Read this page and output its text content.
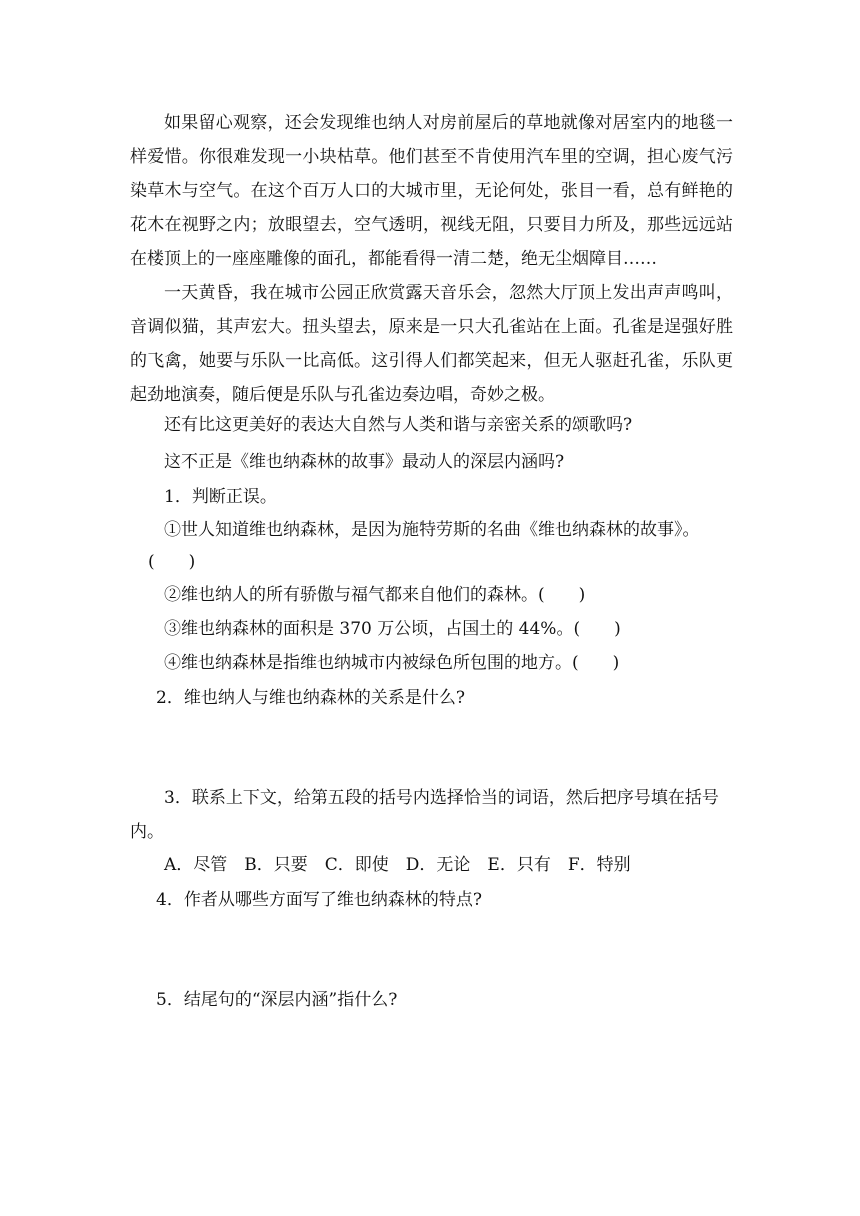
如果留心观察，还会发现维也纳人对房前屋后的草地就像对居室内的地毯一样爱惜。你很难发现一小块枯草。他们甚至不肯使用汽车里的空调，担心废气污染草木与空气。在这个百万人口的大城市里，无论何处，张目一看，总有鲜艳的花木在视野之内；放眼望去，空气透明，视线无阻，只要目力所及，那些远远站在楼顶上的一座座雕像的面孔，都能看得一清二楚，绝无尘烟障目……

一天黄昏，我在城市公园正欣赏露天音乐会，忽然大厅顶上发出声声鸣叫，音调似猫，其声宏大。扭头望去，原来是一只大孔雀站在上面。孔雀是逞强好胜的飞禽，她要与乐队一比高低。这引得人们都笑起来，但无人驱赶孔雀，乐队更起劲地演奏，随后便是乐队与孔雀边奏边唱，奇妙之极。

还有比这更美好的表达大自然与人类和谐与亲密关系的颂歌吗?

这不正是《维也纳森林的故事》最动人的深层内涵吗?

1．判断正误。

①世人知道维也纳森林，是因为施特劳斯的名曲《维也纳森林的故事》。

(　　)

②维也纳人的所有骄傲与福气都来自他们的森林。(　　)

③维也纳森林的面积是 370 万公顷，占国土的 44%。(　　)

④维也纳森林是指维也纳城市内被绿色所包围的地方。(　　)

2．维也纳人与维也纳森林的关系是什么?

3．联系上下文，给第五段的括号内选择恰当的词语，然后把序号填在括号

内。

A．尽管　B．只要　C．即使　D．无论　E．只有　F．特别

4．作者从哪些方面写了维也纳森林的特点?

5．结尾句的“深层内涵”指什么?
